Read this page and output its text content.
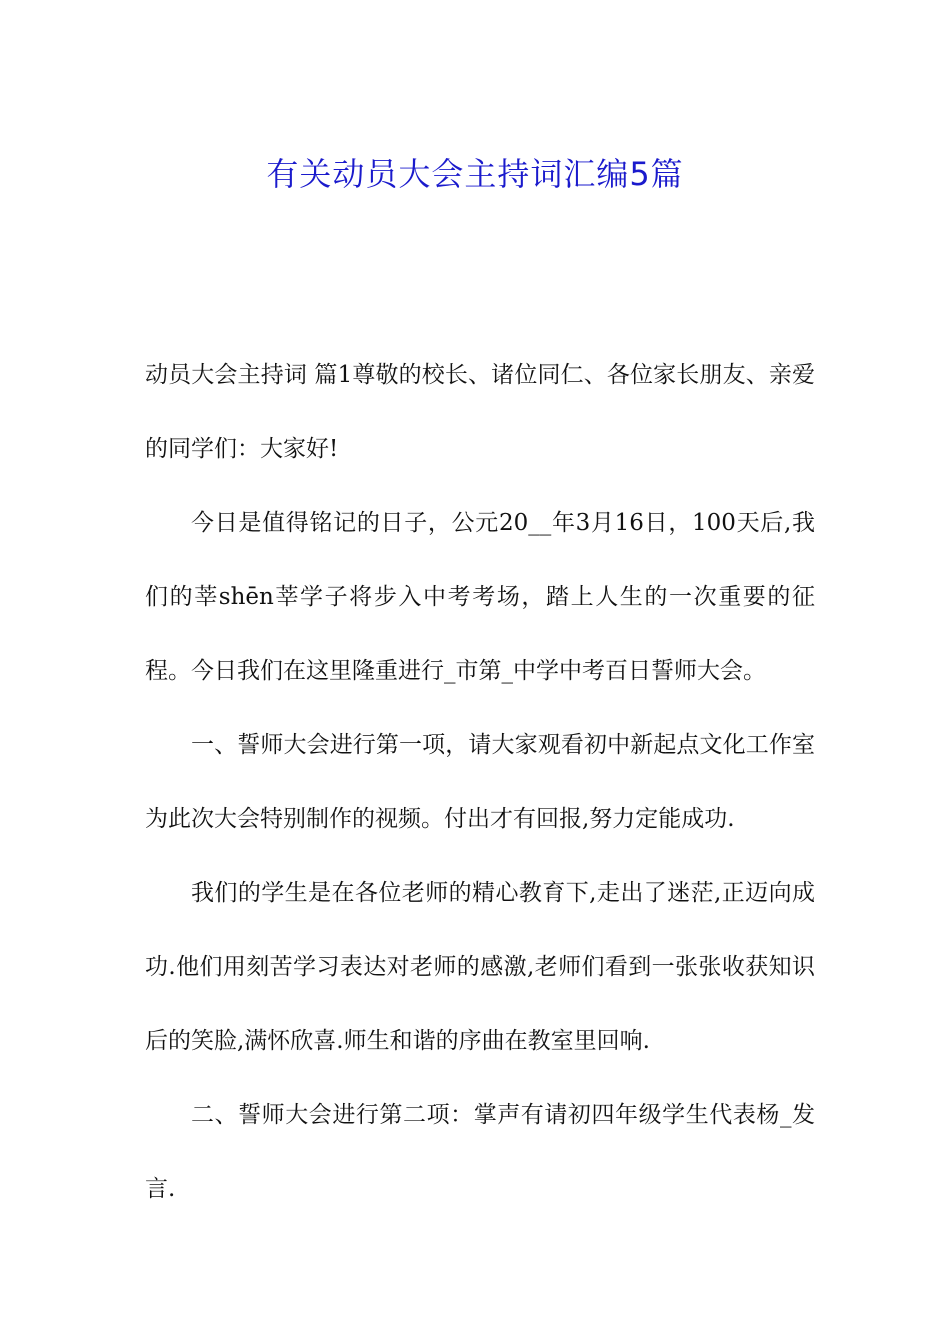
有关动员大会主持词汇编5篇

动员大会主持词 篇1尊敬的校长、诸位同仁、各位家长朋友、亲爱的同学们：大家好!

今日是值得铭记的日子，公元20__年3月16日，100天后,我们的莘shēn莘学子将步入中考考场，踏上人生的一次重要的征程。今日我们在这里隆重进行_市第_中学中考百日誓师大会。

一、誓师大会进行第一项，请大家观看初中新起点文化工作室为此次大会特别制作的视频。付出才有回报,努力定能成功.

我们的学生是在各位老师的精心教育下,走出了迷茫,正迈向成功.他们用刻苦学习表达对老师的感激,老师们看到一张张收获知识后的笑脸,满怀欣喜.师生和谐的序曲在教室里回响.

二、誓师大会进行第二项：掌声有请初四年级学生代表杨_发言.
